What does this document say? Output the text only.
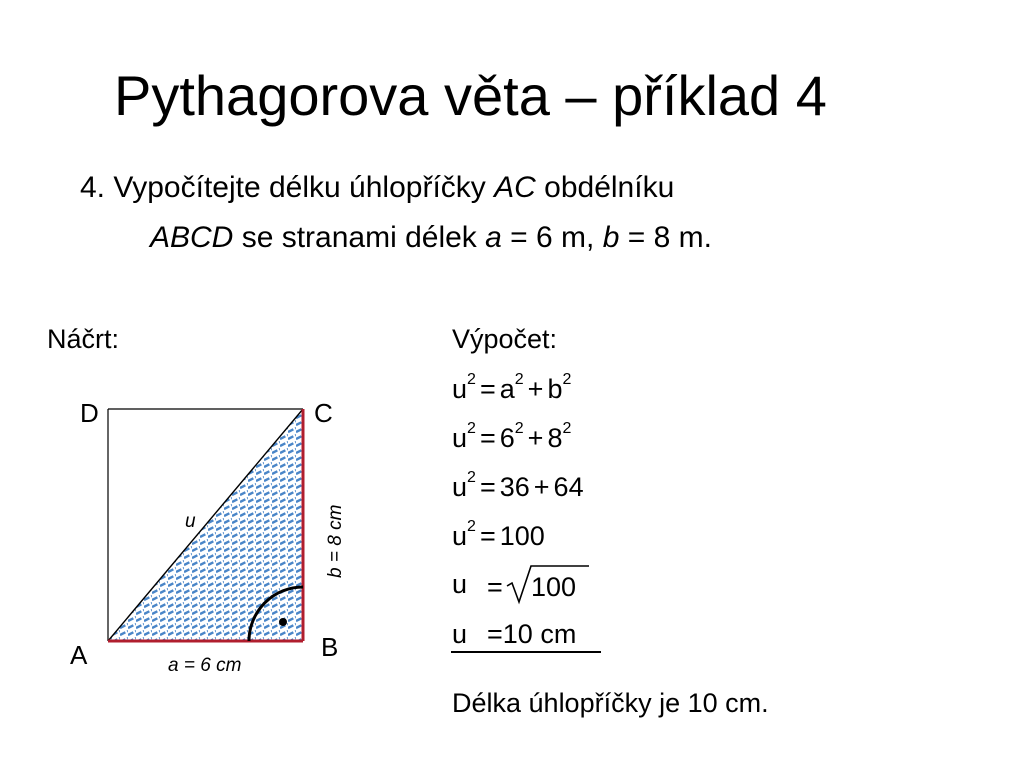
Pythagorova věta – příklad 4
4. Vypočítejte délku úhlopříčky AC obdélníku
ABCD se stranami délek a = 6 m, b = 8 m.
Náčrt:
D	C
A	B
u
a = 6 cm
b = 8 cm
Výpočet:
$u^2 = a^2 + b^2$
$u^2 = 6^2 + 8^2$
$u^2 = 36 + 64$
$u^2 = 100$
u = 100
u =10 cm
Délka úhlopříčky je 10 cm.
